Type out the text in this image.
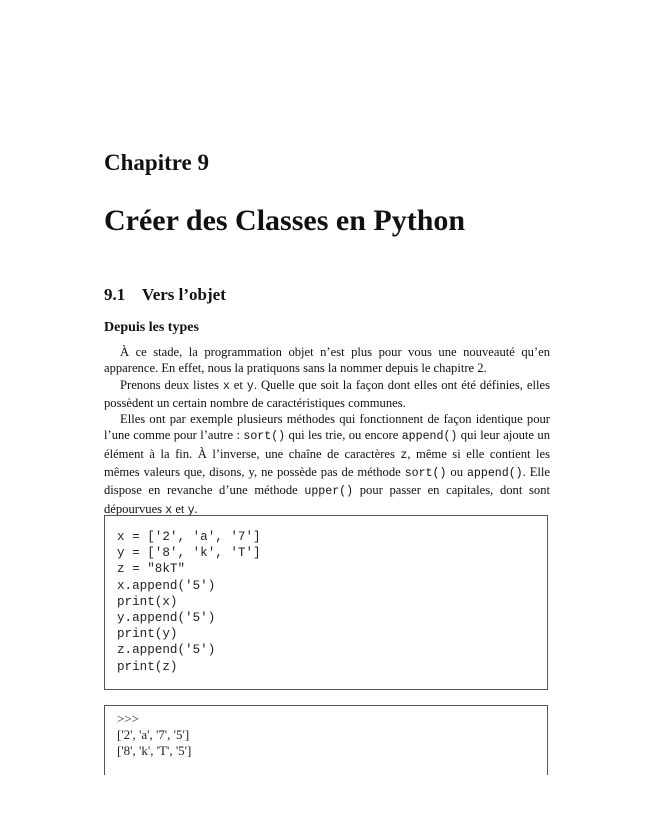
Chapitre 9
Créer des Classes en Python
9.1 Vers l’objet
Depuis les types

À ce stade, la programmation objet n’est plus pour vous une nouveauté qu’en apparence. En effet, nous la pratiquons sans la nommer depuis le chapitre 2.

Prenons deux listes x et y. Quelle que soit la façon dont elles ont été définies, elles possèdent un certain nombre de caractéristiques communes.

Elles ont par exemple plusieurs méthodes qui fonctionnent de façon identique pour l’une comme pour l’autre : sort() qui les trie, ou encore append() qui leur ajoute un élément à la fin. À l’inverse, une chaîne de caractères z, même si elle contient les mêmes valeurs que, disons, y, ne possède pas de méthode sort() ou append(). Elle dispose en revanche d’une méthode upper() pour passer en capitales, dont sont dépourvues x et y.

x = ['2', 'a', '7']
y = ['8', 'k', 'T']
z = "8kT"
x.append('5')
print(x)
y.append('5')
print(y)
z.append('5')
print(z)
>>>
['2', 'a', '7', '5']
['8', 'k', 'T', '5']
